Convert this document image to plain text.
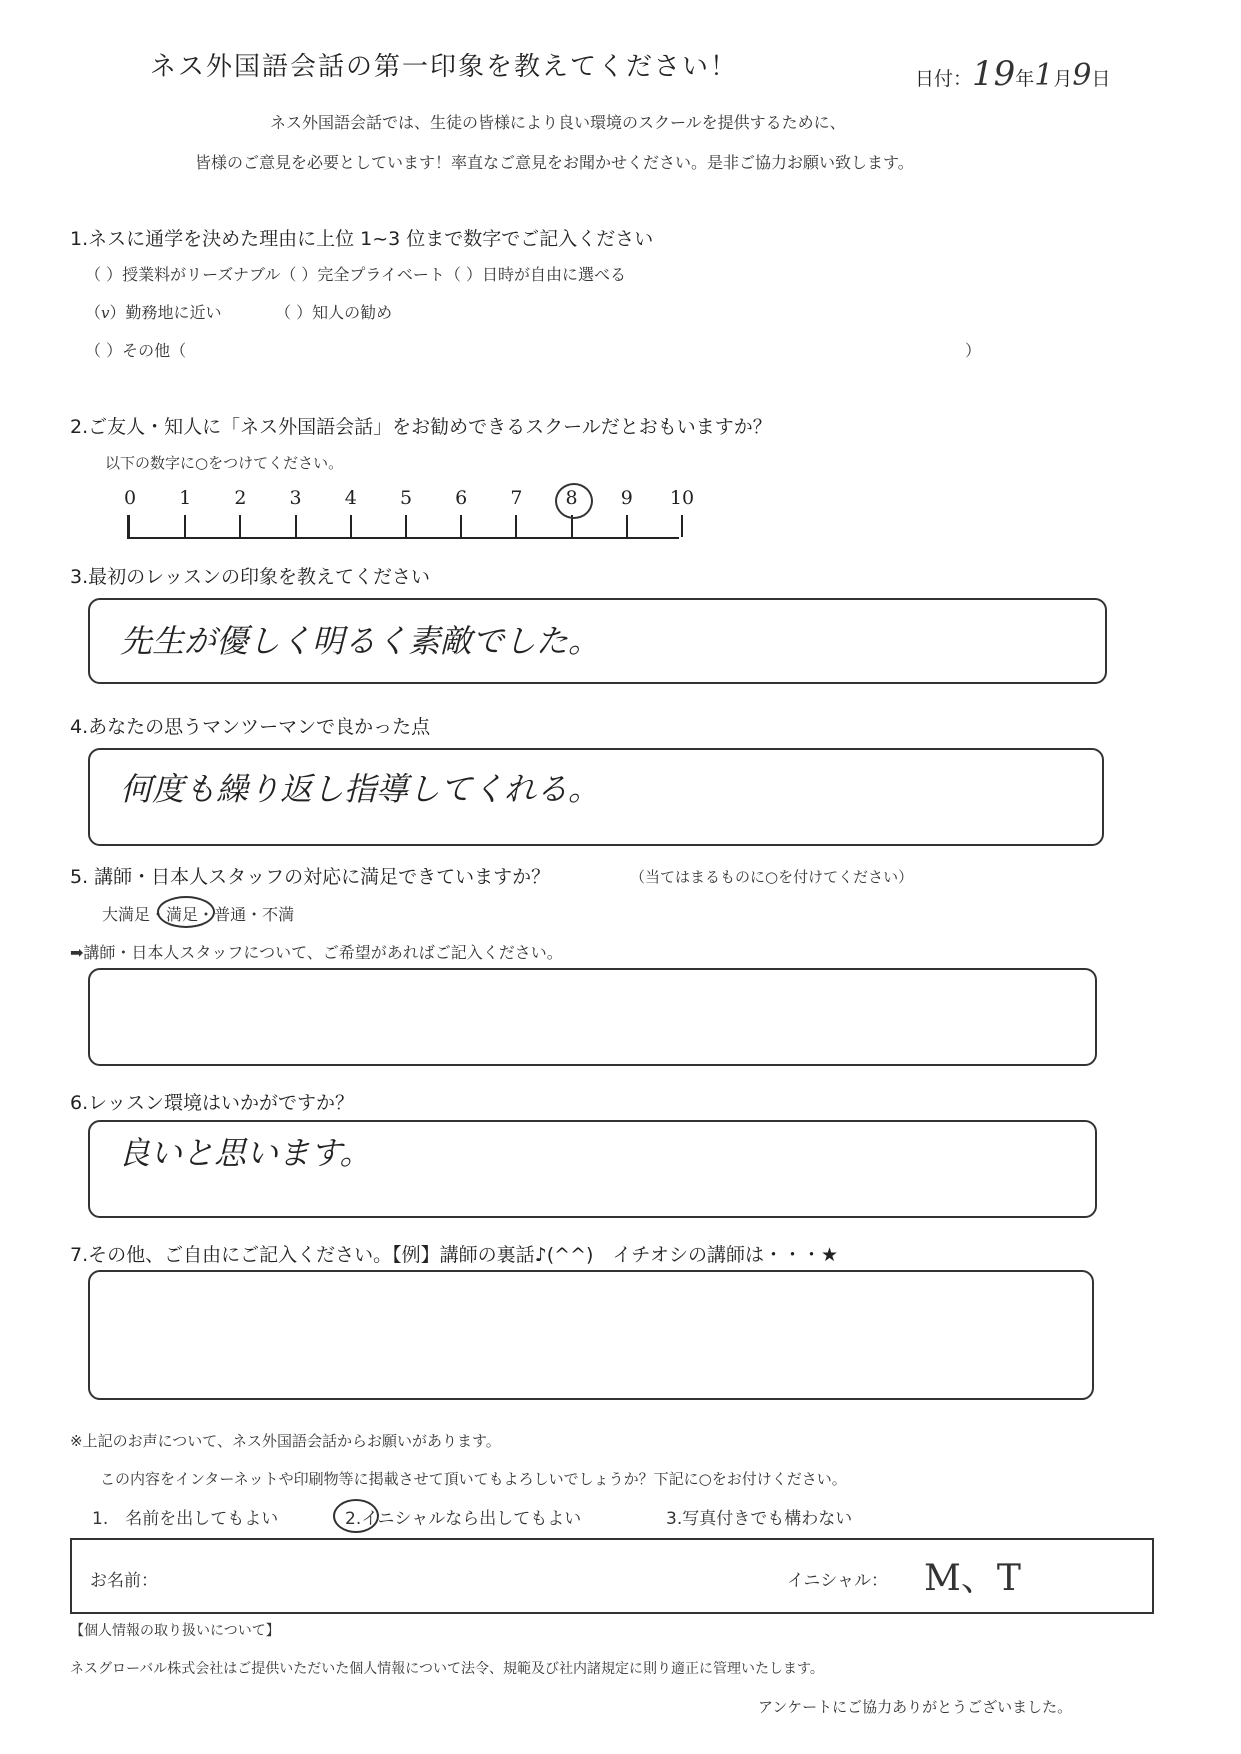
ネス外国語会話の第一印象を教えてください！	日付：19年1月9日
ネス外国語会話では、生徒の皆様により良い環境のスクールを提供するために、
皆様のご意見を必要としています！率直なご意見をお聞かせください。是非ご協力お願い致します。
1.ネスに通学を決めた理由に上位 1~3 位まで数字でご記入ください
（ ）授業料がリーズナブル（ ）完全プライベート（ ）日時が自由に選べる
（v）勤務地に近い	（ ）知人の勧め
（ ）その他（	）
2.ご友人・知人に「ネス外国語会話」をお勧めできるスクールだとおもいますか？
以下の数字に○をつけてください。
0	1	2	3	4	5	6	7	8	9	10
3.最初のレッスンの印象を教えてください
先生が優しく明るく素敵でした。
4.あなたの思うマンツーマンで良かった点
何度も繰り返し指導してくれる。
5. 講師・日本人スタッフの対応に満足できていますか？	（当てはまるものに○を付けてください）
大満足・満足
・普通・不満
➡講師・日本人スタッフについて、ご希望があればご記入ください。
6.レッスン環境はいかがですか？
良いと思います。
7.その他、ご自由にご記入ください。【例】講師の裏話♪(^^)　イチオシの講師は・・・★
※上記のお声について、ネス外国語会話からお願いがあります。
この内容をインターネットや印刷物等に掲載させて頂いてもよろしいでしょうか？下記に○をお付けください。
1.　名前を出してもよい	2.イニシャルなら出してもよい	3.写真付きでも構わない
お名前：	イニシャル： M、T
【個人情報の取り扱いについて】
ネスグローバル株式会社はご提供いただいた個人情報について法令、規範及び社内諸規定に則り適正に管理いたします。
アンケートにご協力ありがとうございました。
